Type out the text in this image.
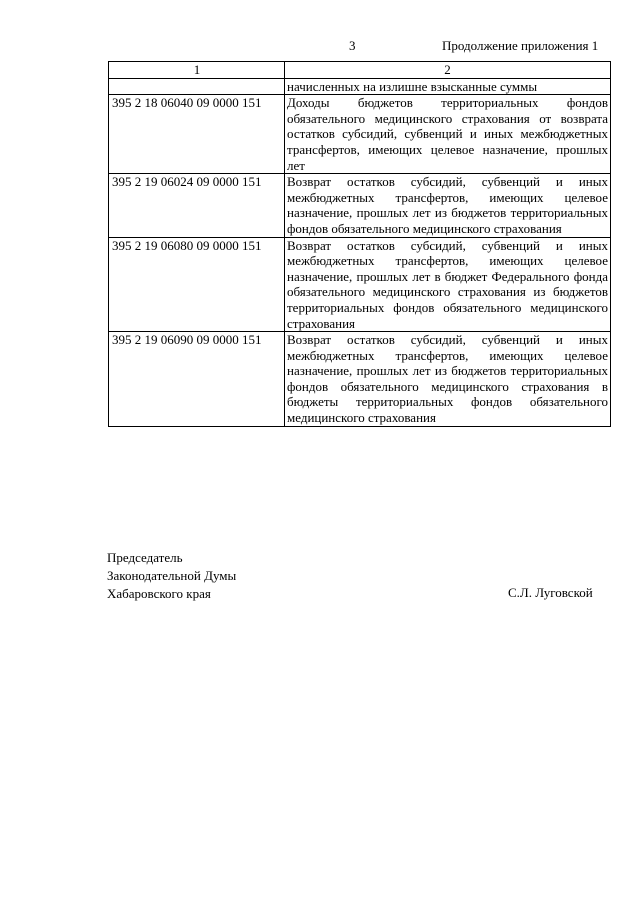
3	Продолжение приложения 1
1	2
	начисленных на излишне взысканные суммы
395 2 18 06040 09 0000 151	Доходы бюджетов территориальных фондов обязательного медицинского страхования от возврата остатков субсидий, субвенций и иных межбюджетных трансфертов, имеющих целевое назначение, прошлых лет
395 2 19 06024 09 0000 151	Возврат остатков субсидий, субвенций и иных межбюджетных трансфертов, имеющих целевое назначение, прошлых лет из бюджетов территориальных фондов обязательного медицинского страхования
395 2 19 06080 09 0000 151	Возврат остатков субсидий, субвенций и иных межбюджетных трансфертов, имеющих целевое назначение, прошлых лет в бюджет Федерального фонда обязательного медицинского страхования из бюджетов территориальных фондов обязательного медицинского страхования
395 2 19 06090 09 0000 151	Возврат остатков субсидий, субвенций и иных межбюджетных трансфертов, имеющих целевое назначение, прошлых лет из бюджетов территориальных фондов обязательного медицинского страхования в бюджеты территориальных фондов обязательного медицинского страхования
Председатель
Законодательной Думы
Хабаровского края	С.Л. Луговской
